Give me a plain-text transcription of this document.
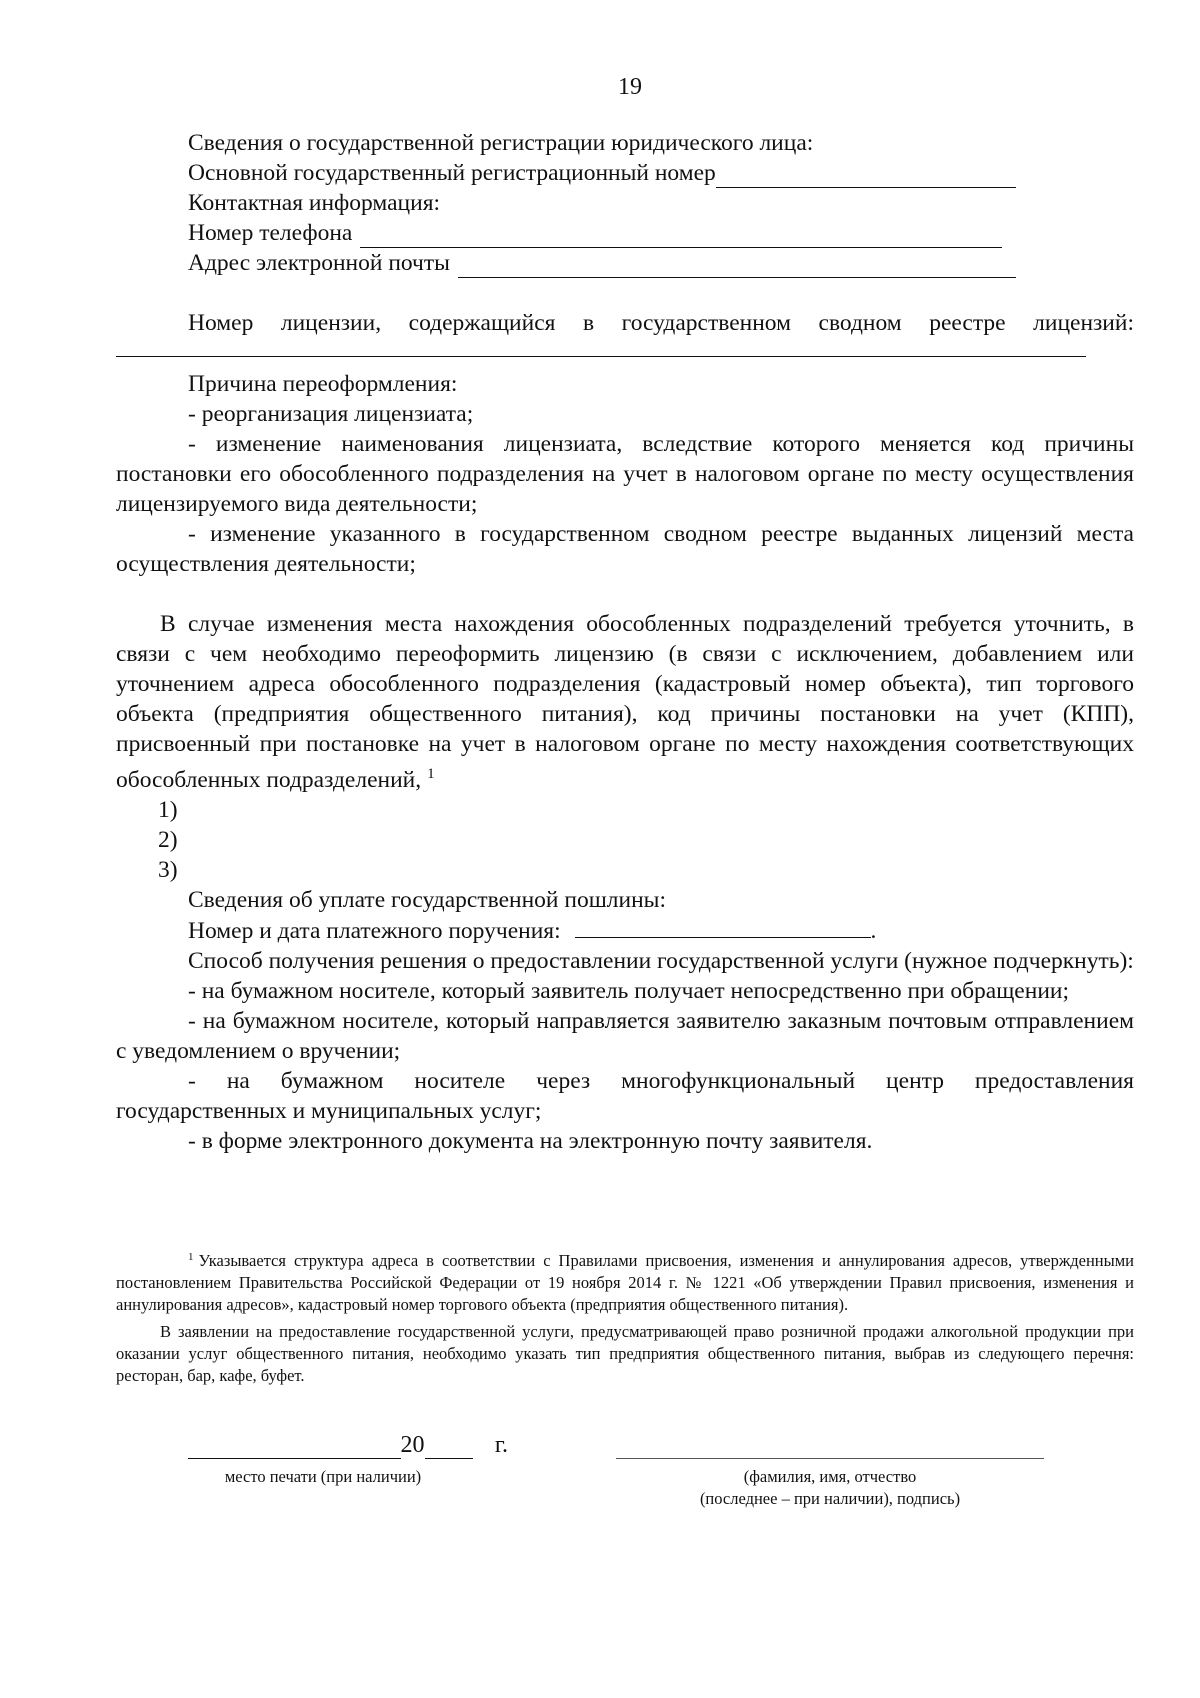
19
Сведения о государственной регистрации юридического лица:
Основной государственный регистрационный номер
Контактная информация:
Номер телефона
Адрес электронной почты
Номер лицензии, содержащийся в государственном сводном реестре лицензий:
Причина переоформления:
- реорганизация лицензиата;
- изменение наименования лицензиата, вследствие которого меняется код причины постановки его обособленного подразделения на учет в налоговом органе по месту осуществления лицензируемого вида деятельности;
- изменение указанного в государственном сводном реестре выданных лицензий места осуществления деятельности;
В случае изменения места нахождения обособленных подразделений требуется уточнить, в связи с чем необходимо переоформить лицензию (в связи с исключением, добавлением или уточнением адреса обособленного подразделения (кадастровый номер объекта), тип торгового объекта (предприятия общественного питания), код причины постановки на учет (КПП), присвоенный при постановке на учет в налоговом органе по месту нахождения соответствующих обособленных подразделений, $^1$
1)
2)
3)
Сведения об уплате государственной пошлины:
Номер и дата платежного поручения:	.
Способ получения решения о предоставлении государственной услуги (нужное подчеркнуть):
- на бумажном носителе, который заявитель получает непосредственно при обращении;
- на бумажном носителе, который направляется заявителю заказным почтовым отправлением с уведомлением о вручении;
- на бумажном носителе через многофункциональный центр предоставления государственных и муниципальных услуг;
- в форме электронного документа на электронную почту заявителя.

$^1$ Указывается структура адреса в соответствии с Правилами присвоения, изменения и аннулирования адресов, утвержденными постановлением Правительства Российской Федерации от 19 ноября 2014 г. № 1221 «Об утверждении Правил присвоения, изменения и аннулирования адресов», кадастровый номер торгового объекта (предприятия общественного питания).

В заявлении на предоставление государственной услуги, предусматривающей право розничной продажи алкогольной продукции при оказании услуг общественного питания, необходимо указать тип предприятия общественного питания, выбрав из следующего перечня: ресторан, бар, кафе, буфет.

20	г.
место печати (при наличии)	(фамилия, имя, отчество

(последнее – при наличии), подпись)
